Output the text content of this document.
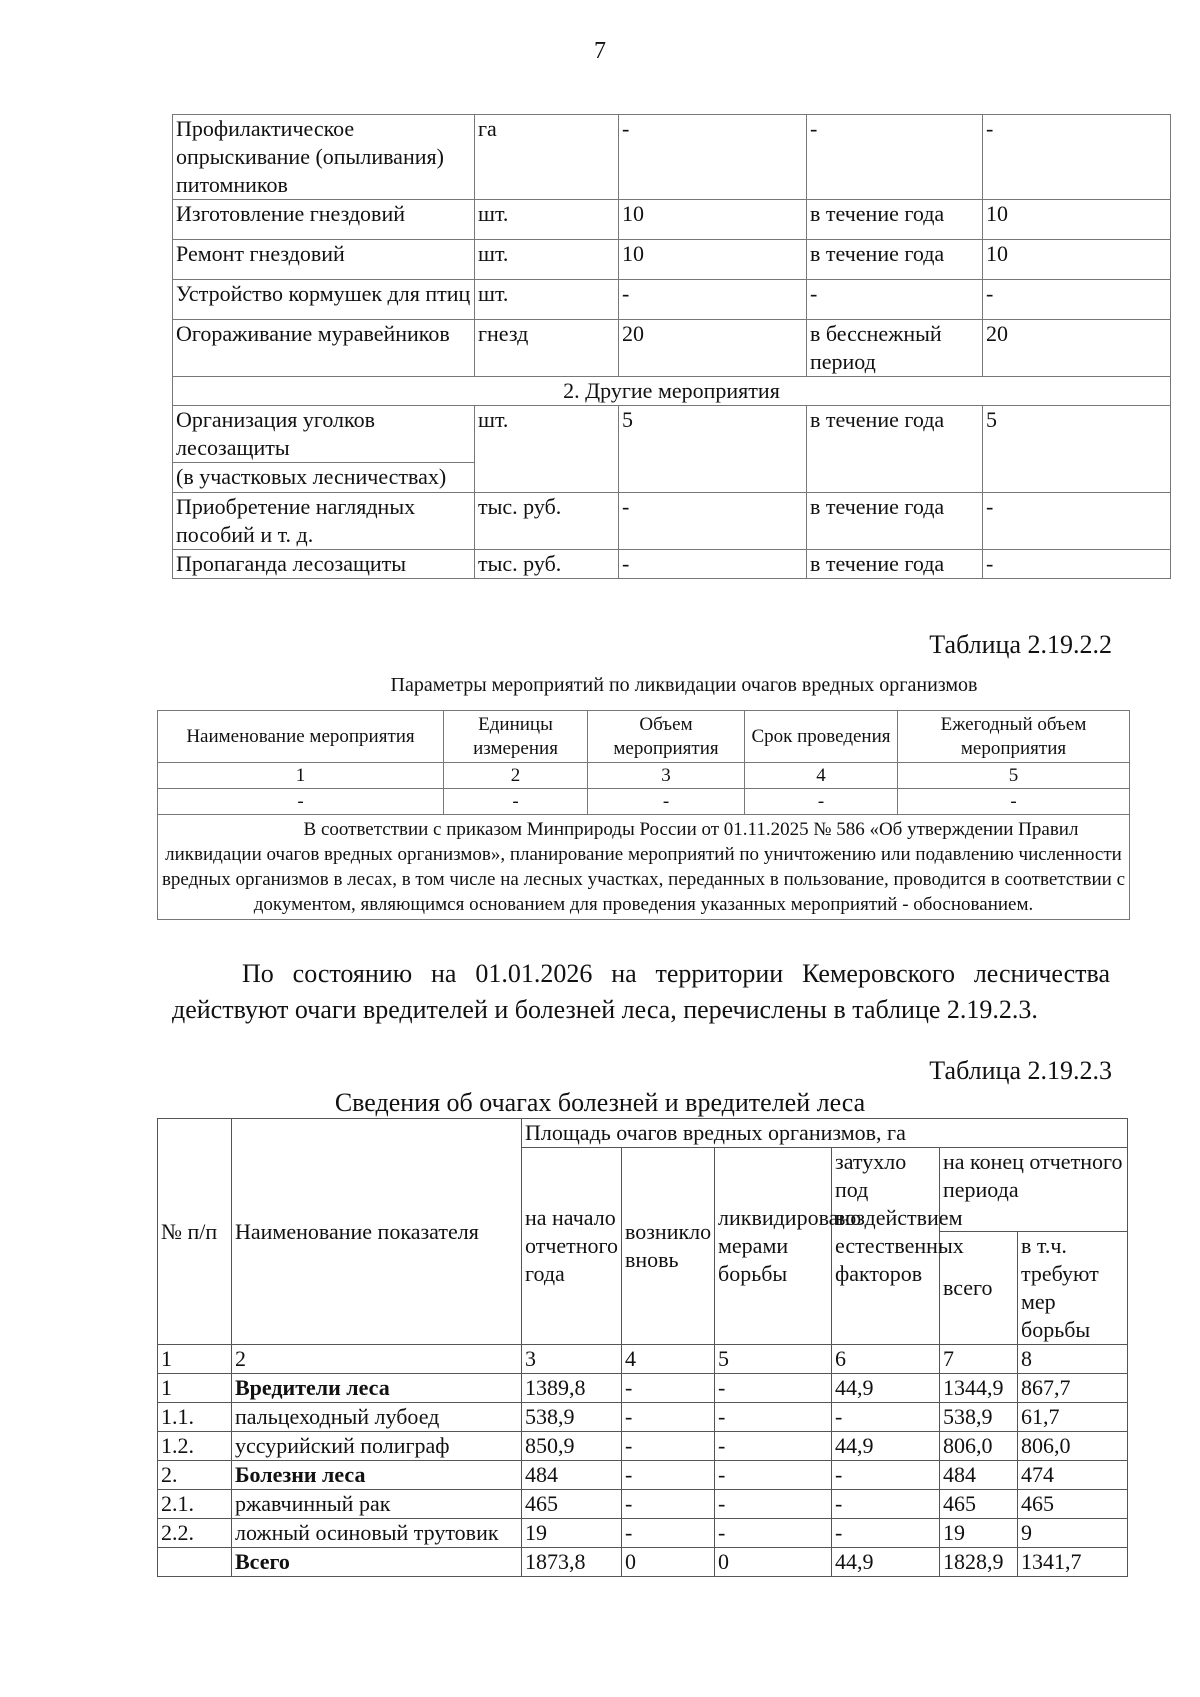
7
Профилактическое опрыскивание (опыливания) питомников	га	-	-	-
Изготовление гнездовий	шт.	10	в течение года	10
Ремонт гнездовий	шт.	10	в течение года	10
Устройство кормушек для птиц	шт.	-	-	-
Огораживание муравейников	гнезд	20	в бесснежный период	20
2. Другие мероприятия				
Организация уголков лесозащиты	шт.	5	в течение года	5
(в участковых лесничествах)				
Приобретение наглядных пособий и т. д.	тыс. руб.	-	в течение года	-
Пропаганда лесозащиты	тыс. руб.	-	в течение года	-
Таблица 2.19.2.2
Параметры мероприятий по ликвидации очагов вредных организмов
Наименование мероприятия	Единицы измерения	Объем мероприятия	Срок проведения	Ежегодный объем мероприятия
1	2	3	4	5
-	-	-	-	-
В соответствии с приказом Минприроды России от 01.11.2025 № 586 «Об утверждении Правил ликвидации очагов вредных организмов», планирование мероприятий по уничтожению или подавлению численности вредных организмов в лесах, в том числе на лесных участках, переданных в пользование, проводится в соответствии с документом, являющимся основанием для проведения указанных мероприятий - обоснованием.				
По состоянию на 01.01.2026 на территории Кемеровского лесничества действуют очаги вредителей и болезней леса, перечислены в таблице 2.19.2.3.
Таблица 2.19.2.3
Сведения об очагах болезней и вредителей леса
№ п/п	Наименование показателя	Площадь очагов вредных организмов, га					
		на начало отчетного года	возникло вновь	ликвидировано мерами борьбы	затухло под воздействием естественных факторов	на конец отчетного периода	
						всего	в т.ч. требуют мер борьбы
1	2	3	4	5	6	7	8
1	Вредители леса	1389,8	-	-	44,9	1344,9	867,7
1.1.	пальцеходный лубоед	538,9	-	-	-	538,9	61,7
1.2.	уссурийский полиграф	850,9	-	-	44,9	806,0	806,0
2.	Болезни леса	484	-	-	-	484	474
2.1.	ржавчинный рак	465	-	-	-	465	465
2.2.	ложный осиновый трутовик	19	-	-	-	19	9
	Всего	1873,8	0	0	44,9	1828,9	1341,7
